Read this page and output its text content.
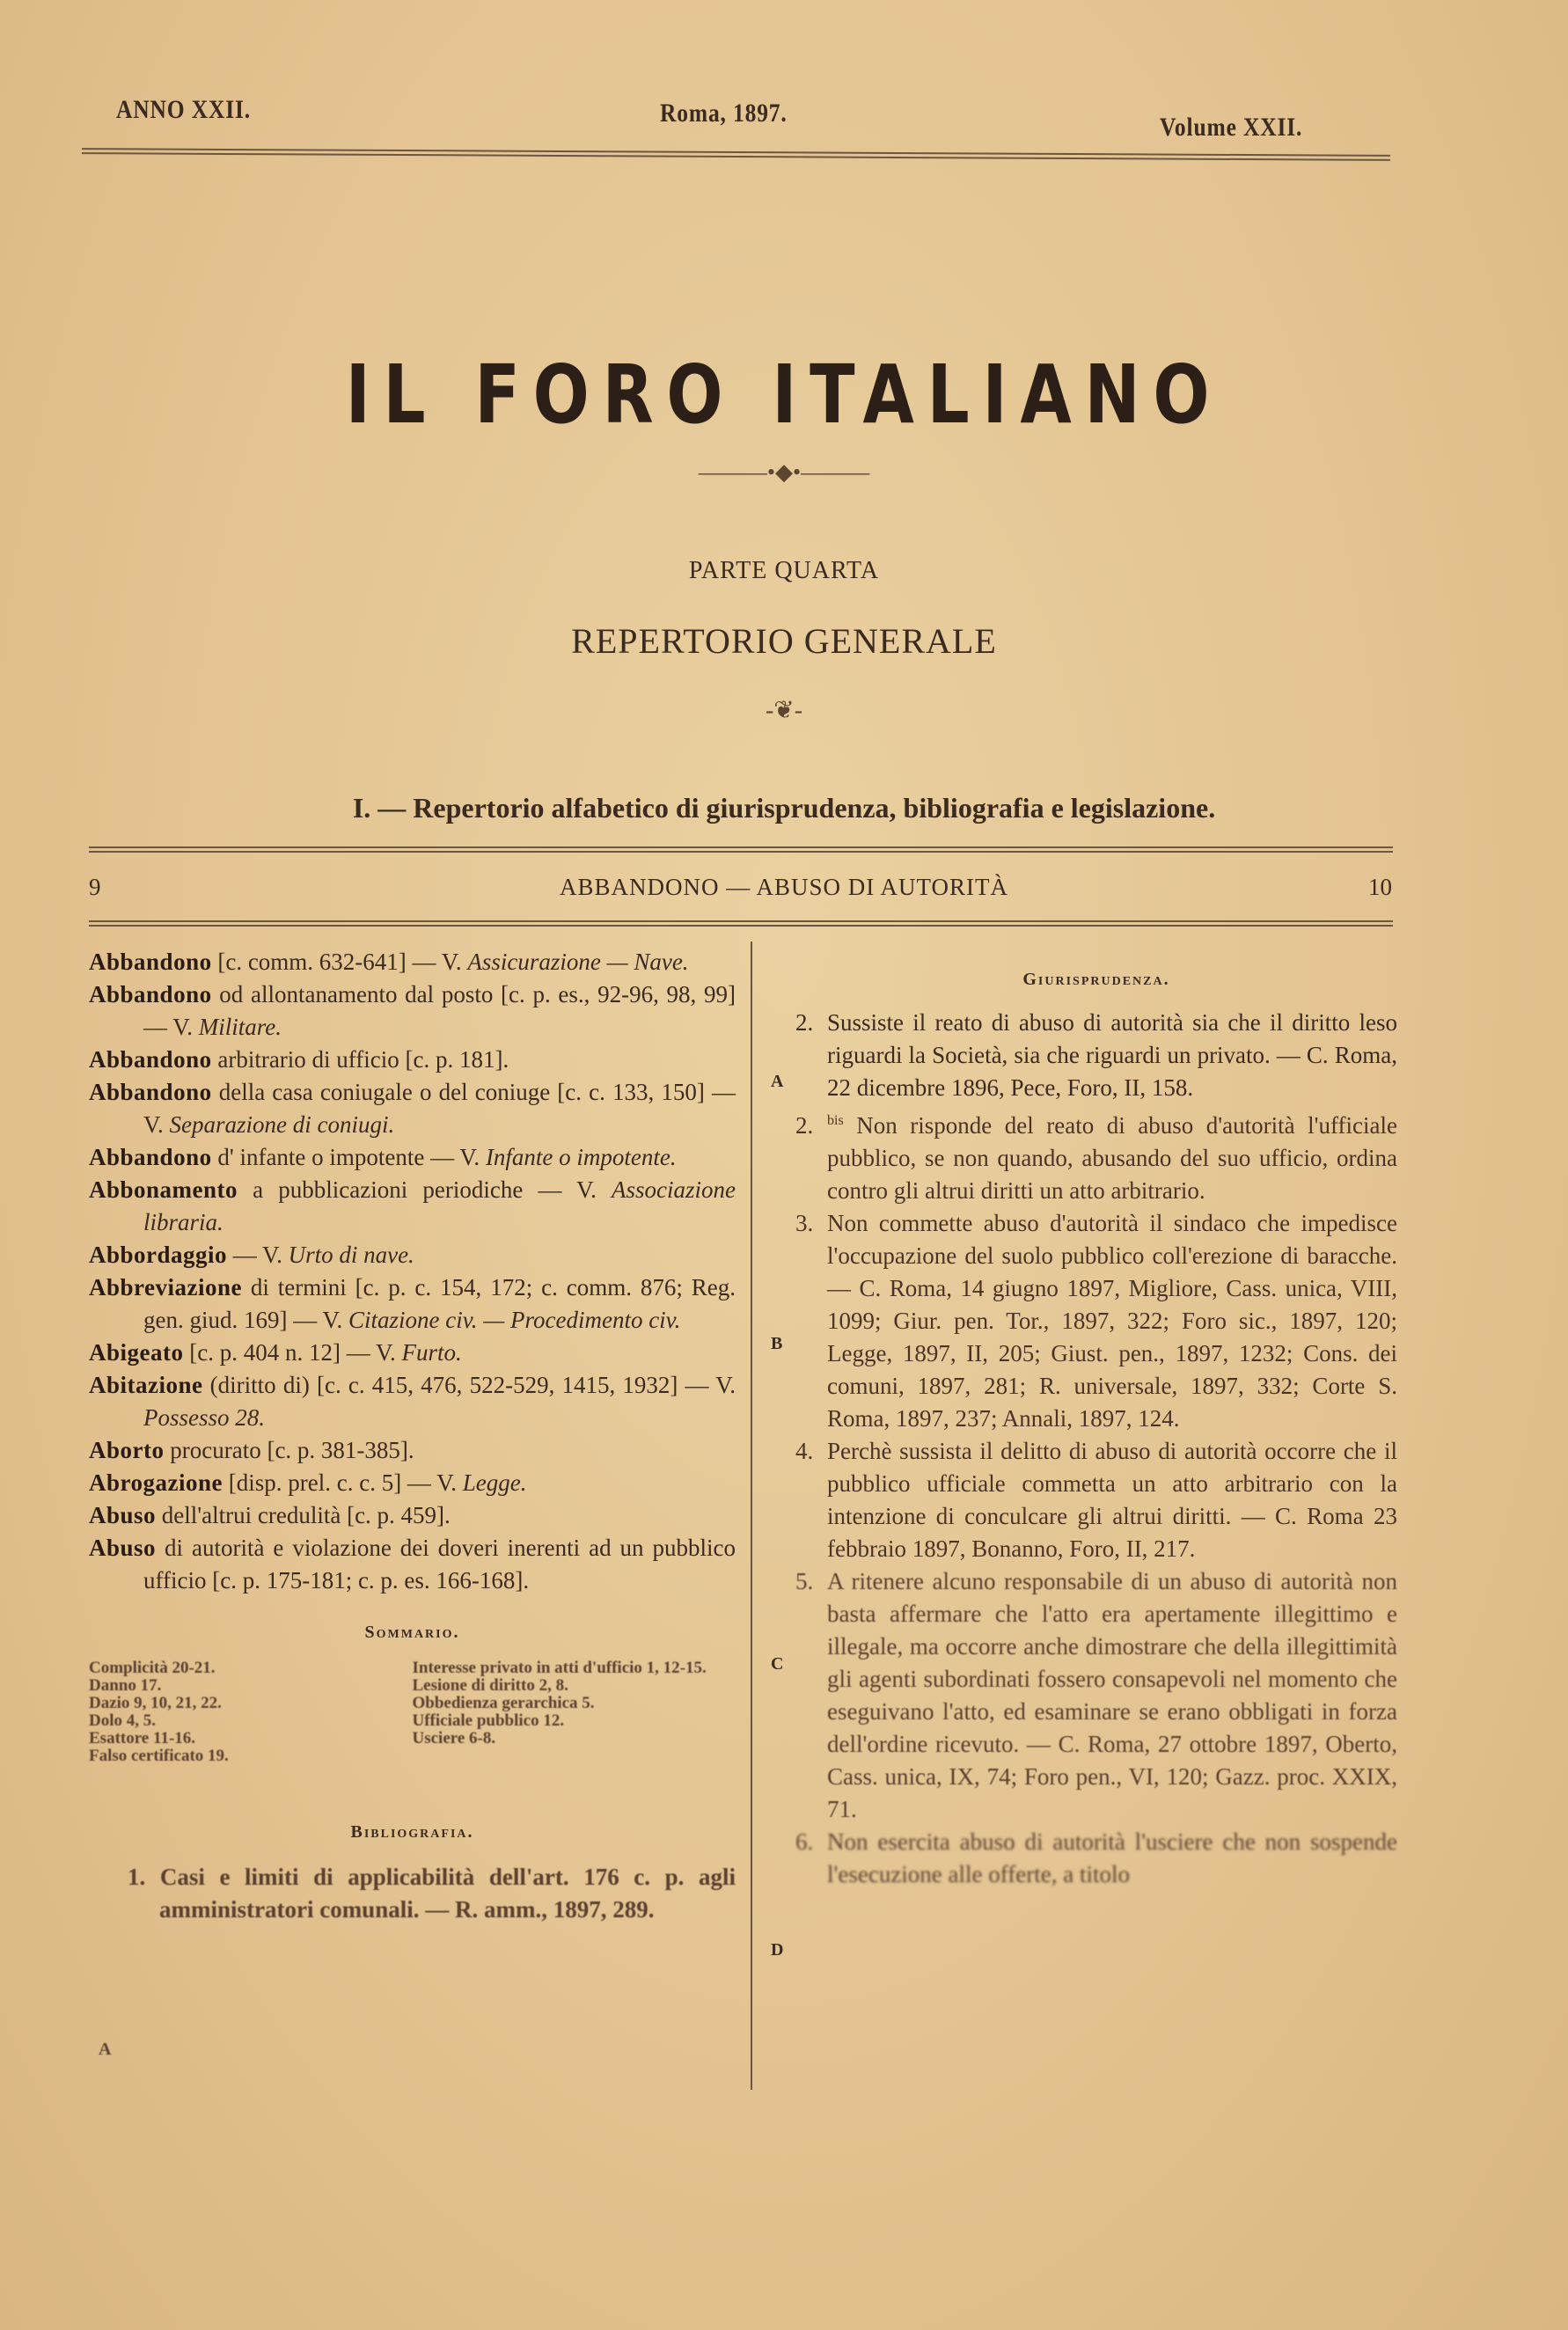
ANNO XXII.	Roma, 1897.	Volume XXII.
IL FORO ITALIANO
———•◆•———
PARTE QUARTA
REPERTORIO GENERALE
-❦-
I. — Repertorio alfabetico di giurisprudenza, bibliografia e legislazione.
9	ABBANDONO — ABUSO DI AUTORITÀ	10
Abbandono [c. comm. 632-641] — V. Assicurazione — Nave.
Abbandono od allontanamento dal posto [c. p. es., 92-96, 98, 99] — V. Militare.
Abbandono arbitrario di ufficio [c. p. 181].
Abbandono della casa coniugale o del coniuge [c. c. 133, 150] — V. Separazione di coniugi.
Abbandono d' infante o impotente — V. Infante o impotente.
Abbonamento a pubblicazioni periodiche — V. Associazione libraria.
Abbordaggio — V. Urto di nave.
Abbreviazione di termini [c. p. c. 154, 172; c. comm. 876; Reg. gen. giud. 169] — V. Citazione civ. — Procedimento civ.
Abigeato [c. p. 404 n. 12] — V. Furto.
Abitazione (diritto di) [c. c. 415, 476, 522-529, 1415, 1932] — V. Possesso 28.
Aborto procurato [c. p. 381-385].
Abrogazione [disp. prel. c. c. 5] — V. Legge.
Abuso dell'altrui credulità [c. p. 459].
Abuso di autorità e violazione dei doveri inerenti ad un pubblico ufficio [c. p. 175-181; c. p. es. 166-168].
Sommario.

Complicità 20-21.

Danno 17.

Dazio 9, 10, 21, 22.

Dolo 4, 5.

Esattore 11-16.

Falso certificato 19.

Interesse privato in atti d'ufficio 1, 12-15.

Lesione di diritto 2, 8.

Obbedienza gerarchica 5.

Ufficiale pubblico 12.

Usciere 6-8.

Bibliografia.
1. Casi e limiti di applicabilità dell'art. 176 c. p. agli amministratori comunali. — R. amm., 1897, 289.
A
Giurisprudenza.
2. Sussiste il reato di abuso di autorità sia che il diritto leso riguardi la Società, sia che riguardi un privato. — C. Roma, 22 dicembre 1896, Pece, Foro, II, 158.
2. $^{bis}$ Non risponde del reato di abuso d'autorità l'ufficiale pubblico, se non quando, abusando del suo ufficio, ordina contro gli altrui diritti un atto arbitrario.
3. Non commette abuso d'autorità il sindaco che impedisce l'occupazione del suolo pubblico coll'erezione di baracche. — C. Roma, 14 giugno 1897, Migliore, Cass. unica, VIII, 1099; Giur. pen. Tor., 1897, 322; Foro sic., 1897, 120; Legge, 1897, II, 205; Giust. pen., 1897, 1232; Cons. dei comuni, 1897, 281; R. universale, 1897, 332; Corte S. Roma, 1897, 237; Annali, 1897, 124.
4. Perchè sussista il delitto di abuso di autorità occorre che il pubblico ufficiale commetta un atto arbitrario con la intenzione di conculcare gli altrui diritti. — C. Roma 23 febbraio 1897, Bonanno, Foro, II, 217.
5. A ritenere alcuno responsabile di un abuso di autorità non basta affermare che l'atto era apertamente illegittimo e illegale, ma occorre anche dimostrare che della illegittimità gli agenti subordinati fossero consapevoli nel momento che eseguivano l'atto, ed esaminare se erano obbligati in forza dell'ordine ricevuto. — C. Roma, 27 ottobre 1897, Oberto, Cass. unica, IX, 74; Foro pen., VI, 120; Gazz. proc. XXIX, 71.
6. Non esercita abuso di autorità l'usciere che non sospende l'esecuzione alle offerte, a titolo
A
B
C
D
